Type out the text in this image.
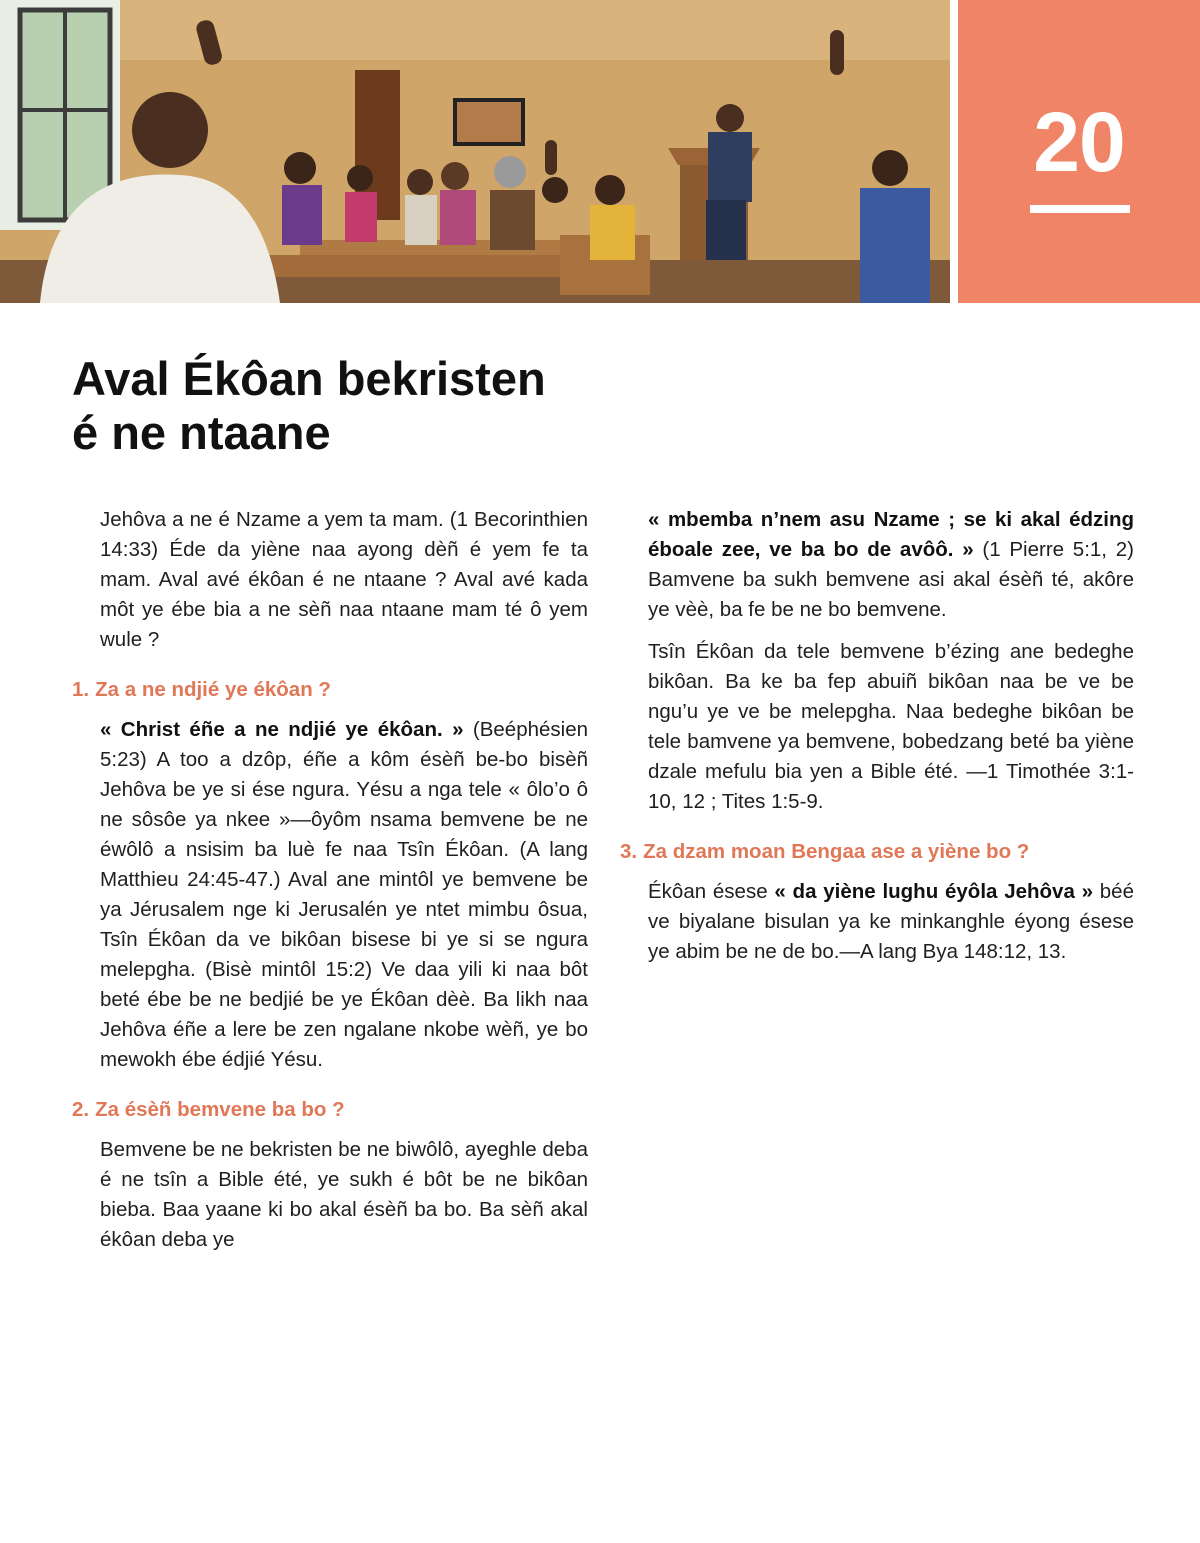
20
Aval Ékôan bekristen
é ne ntaane

Jehôva a ne é Nzame a yem ta mam. (1 Becorinthien 14:33) Éde da yiène naa ayong dèñ é yem fe ta mam. Aval avé ékôan é ne ntaane ? Aval avé kada môt ye ébe bia a ne sèñ naa ntaane mam té ô yem wule ?

1. Za a ne ndjié ye ékôan ?

« Christ éñe a ne ndjié ye ékôan. » (Beéphésien 5:23) A too a dzôp, éñe a kôm ésèñ be-bo bisèñ Jehôva be ye si ése ngura. Yésu a nga tele « ôlo’o ô ne sôsôe ya nkee »—ôyôm nsama bemvene be ne éwôlô a nsisim ba luè fe naa Tsîn Ékôan. (A lang Matthieu 24:45-47.) Aval ane mintôl ye bemvene be ya Jérusalem nge ki Jerusalén ye ntet mimbu ôsua, Tsîn Ékôan da ve bikôan bisese bi ye si se ngura melepgha. (Bisè mintôl 15:2) Ve daa yili ki naa bôt beté ébe be ne bedjié be ye Ékôan dèè. Ba likh naa Jehôva éñe a lere be zen ngalane nkobe wèñ, ye bo mewokh ébe édjié Yésu.

2. Za ésèñ bemvene ba bo ?

Bemvene be ne bekristen be ne biwôlô, ayeghle deba é ne tsîn a Bible été, ye sukh é bôt be ne bikôan bieba. Baa yaane ki bo akal ésèñ ba bo. Ba sèñ akal ékôan deba ye

« mbemba n’nem asu Nzame ; se ki akal édzing éboale zee, ve ba bo de avôô. » (1 Pierre 5:1, 2) Bamvene ba sukh bemvene asi akal ésèñ té, akôre ye vèè, ba fe be ne bo bemvene.

Tsîn Ékôan da tele bemvene b’ézing ane bedeghe bikôan. Ba ke ba fep abuiñ bikôan naa be ve be ngu’u ye ve be melepgha. Naa bedeghe bikôan be tele bamvene ya bemvene, bobedzang beté ba yiène dzale mefulu bia yen a Bible été. —1 Timothée 3:1-10, 12 ; Tites 1:5-9.

3. Za dzam moan Bengaa ase a yiène bo ?

Ékôan ésese « da yiène lughu éyôla Jehôva » béé ve biyalane bisulan ya ke minkanghle éyong ésese ye abim be ne de bo.—A lang Bya 148:12, 13.
